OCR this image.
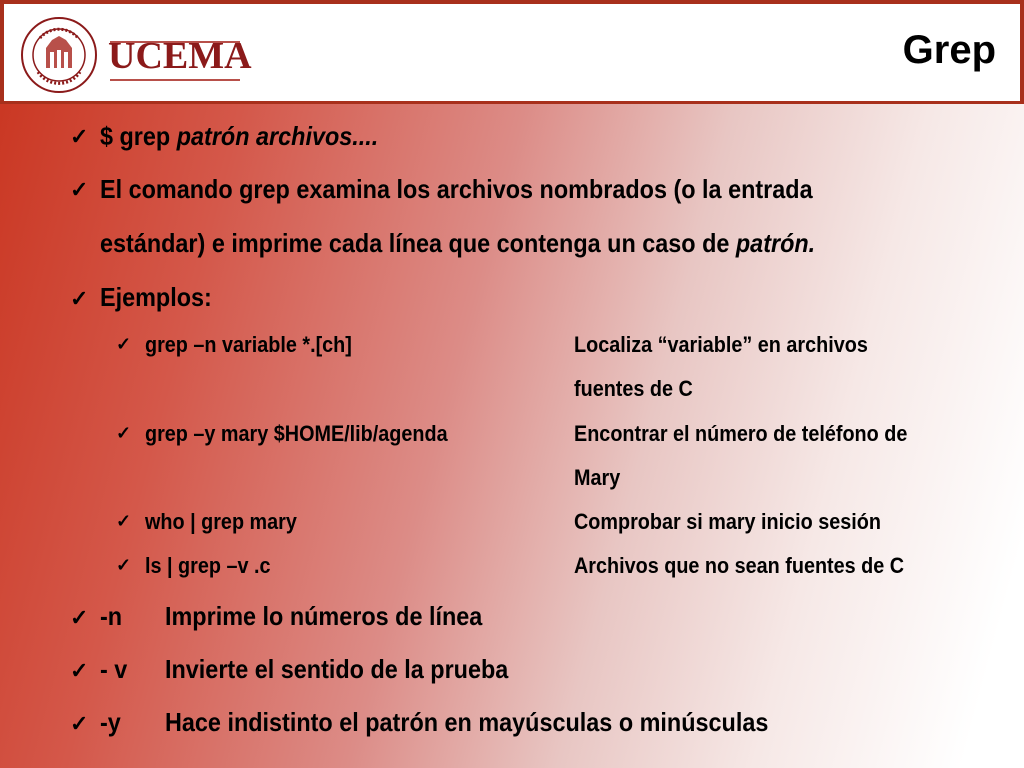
UCEMA	Grep
✓ $ grep patrón archivos....
✓ El comando grep examina los archivos nombrados (o la entrada
estándar) e imprime cada línea que contenga un caso de patrón.
✓ Ejemplos:
✓ grep –n variable *.[ch]	Localiza “variable” en archivos
fuentes de C
✓ grep –y mary $HOME/lib/agenda	Encontrar el número de teléfono de
Mary
✓ who | grep mary	Comprobar si mary inicio sesión
✓ ls | grep –v .c	Archivos que no sean fuentes de C
✓ -n Imprime lo números de línea
✓ - v Invierte el sentido de la prueba
✓ -y Hace indistinto el patrón en mayúsculas o minúsculas
